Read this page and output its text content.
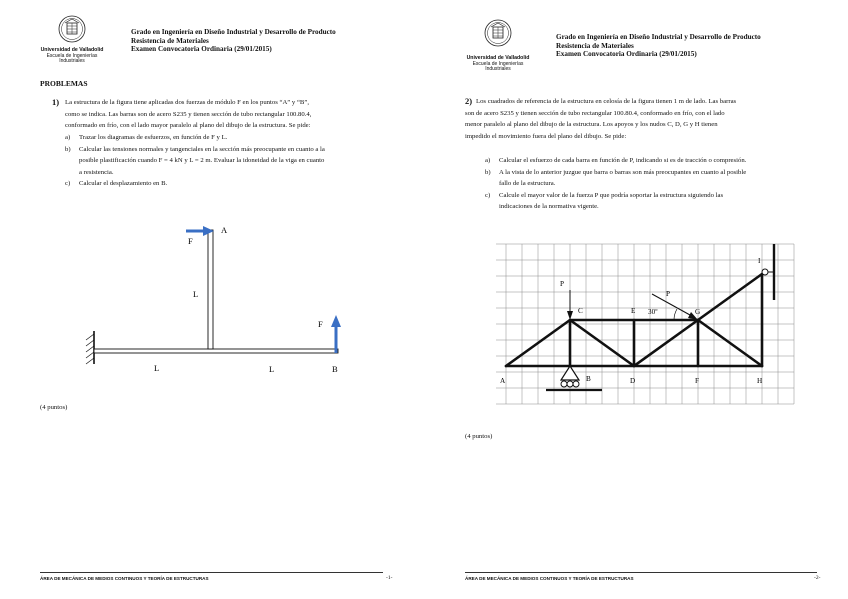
Universidad de Valladolid
Escuela de Ingenierías
Industriales
Grado en Ingeniería en Diseño Industrial y Desarrollo de Producto
Resistencia de Materiales
Examen Convocatoria Ordinaria (29/01/2015)
PROBLEMAS
1) La estructura de la figura tiene aplicadas dos fuerzas de módulo F en los puntos “A” y “B”,
como se indica. Las barras son de acero S235 y tienen sección de tubo rectangular 100.80.4,
conformado en frío, con el lado mayor paralelo al plano del dibujo de la estructura. Se pide:
a) Trazar los diagramas de esfuerzos, en función de F y L.
b) Calcular las tensiones normales y tangenciales en la sección más preocupante en cuanto a la
posible plastificación cuando F = 4 kN y L = 2 m. Evaluar la idoneidad de la viga en cuanto
a resistencia.
c) Calcular el desplazamiento en B.
A
F
L
F
L	L	B
(4 puntos)
ÁREA DE MECÁNICA DE MEDIOS CONTINUOS Y TEORÍA DE ESTRUCTURAS	-1-
Universidad de Valladolid
Escuela de Ingenierías
Industriales
Grado en Ingeniería en Diseño Industrial y Desarrollo de Producto
Resistencia de Materiales
Examen Convocatoria Ordinaria (29/01/2015)
2) Los cuadrados de referencia de la estructura en celosía de la figura tienen 1 m de lado. Las barras
son de acero S235 y tienen sección de tubo rectangular 100.80.4, conformado en frío, con el lado
menor paralelo al plano del dibujo de la estructura. Los apoyos y los nudos C, D, G y H tienen
impedido el movimiento fuera del plano del dibujo. Se pide:
a) Calcular el esfuerzo de cada barra en función de P, indicando si es de tracción o compresión.
b) A la vista de lo anterior juzgue que barra o barras son más preocupantes en cuanto al posible
fallo de la estructura.
c) Calcule el mayor valor de la fuerza P que podría soportar la estructura siguiendo las
indicaciones de la normativa vigente.
A	B
C
D
E
F
G
H
I
P
P
30º
(4 puntos)
ÁREA DE MECÁNICA DE MEDIOS CONTINUOS Y TEORÍA DE ESTRUCTURAS	-2-
